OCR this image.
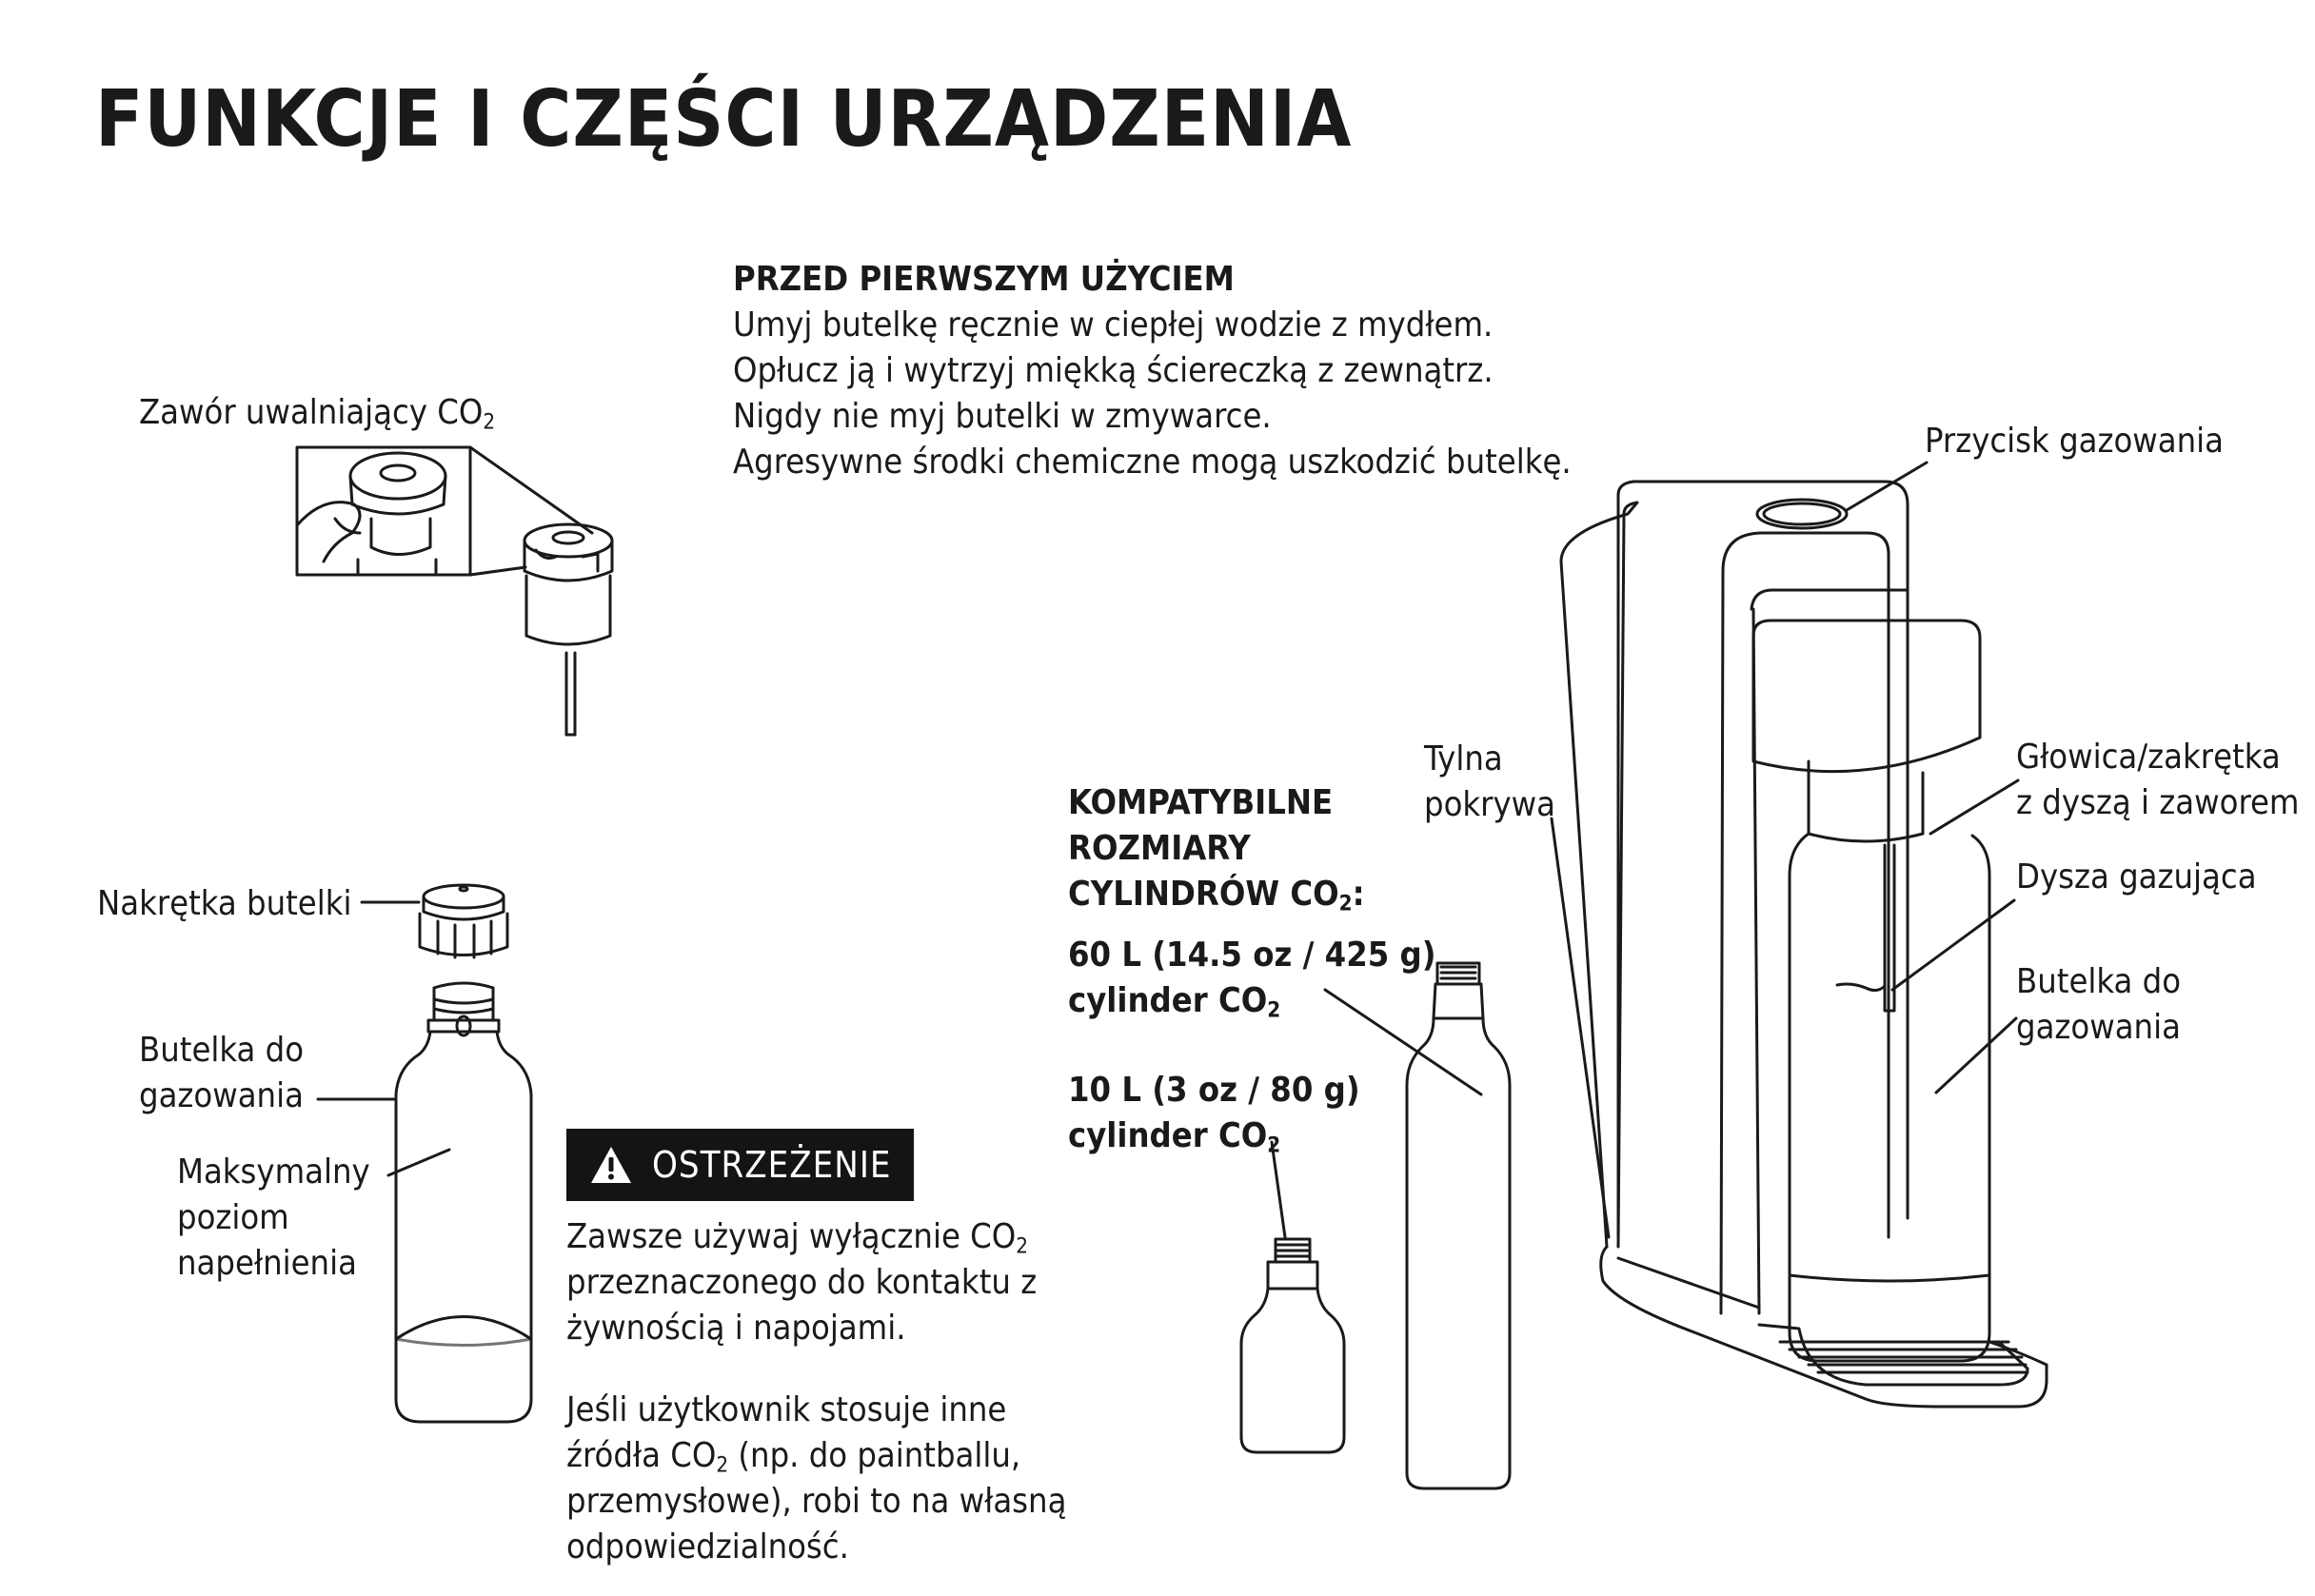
FUNKCJE I CZĘŚCI URZĄDZENIA

PRZED PIERWSZYM UŻYCIEM

Umyj butelkę ręcznie w ciepłej wodzie z mydłem.

Opłucz ją i wytrzyj miękką ściereczką z zewnątrz.

Nigdy nie myj butelki w zmywarce.

Agresywne środki chemiczne mogą uszkodzić butelkę.

Zawór uwalniający $CO_2$
Nakrętka butelki
Butelka do
gazowania
Maksymalny
poziom
napełnienia
OSTRZEŻENIE
Zawsze używaj wyłącznie $CO_2$
przeznaczonego do kontaktu z
żywnością i napojami.
Jeśli użytkownik stosuje inne
źródła $CO_2$ (np. do paintballu,
przemysłowe), robi to na własną
odpowiedzialność.
KOMPATYBILNE
ROZMIARY
CYLINDRÓW $CO_2$:
60 L (14.5 oz / 425 g)
cylinder $CO_2$
10 L (3 oz / 80 g)
cylinder $CO_2$
Tylna
pokrywa
Przycisk gazowania
Głowica/zakrętka
z dyszą i zaworem
Dysza gazująca
Butelka do
gazowania
